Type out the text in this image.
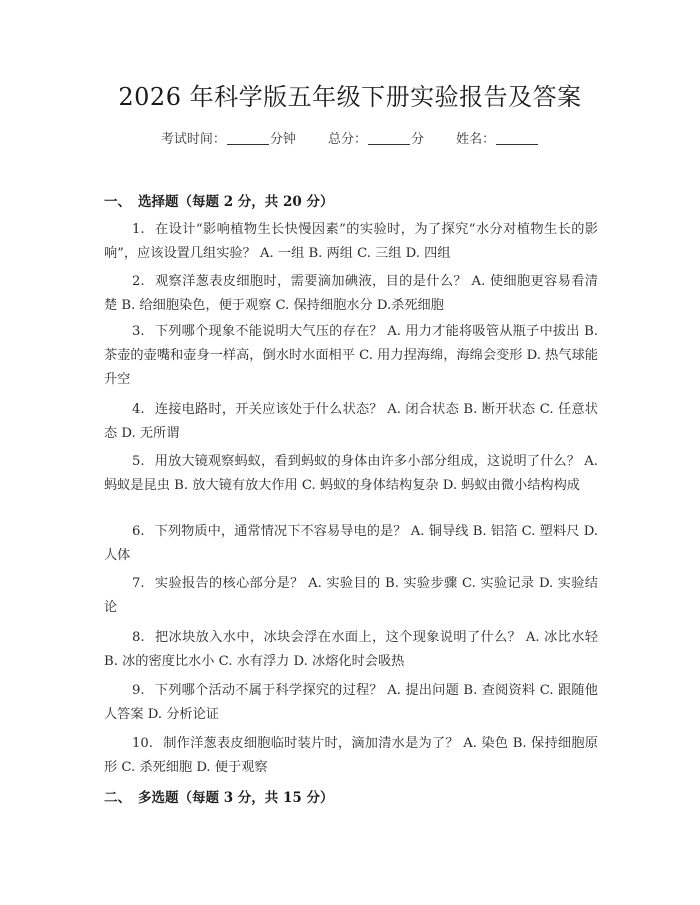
2026 年科学版五年级下册实验报告及答案
考试时间：	分钟 总分：	分 姓名：
一、 选择题（每题 2 分，共 20 分）
1. 在设计“影响植物生长快慢因素”的实验时，为了探究“水分对植物生长的影响”，应该设置几组实验？ A. 一组 B. 两组 C. 三组 D. 四组
2. 观察洋葱表皮细胞时，需要滴加碘液，目的是什么？ A. 使细胞更容易看清楚 B. 给细胞染色，便于观察 C. 保持细胞水分 D.杀死细胞
3. 下列哪个现象不能说明大气压的存在？ A. 用力才能将吸管从瓶子中拔出 B. 茶壶的壶嘴和壶身一样高，倒水时水面相平 C. 用力捏海绵，海绵会变形 D. 热气球能升空
4. 连接电路时，开关应该处于什么状态？ A. 闭合状态 B. 断开状态 C. 任意状态 D. 无所谓
5. 用放大镜观察蚂蚁，看到蚂蚁的身体由许多小部分组成，这说明了什么？ A. 蚂蚁是昆虫 B. 放大镜有放大作用 C. 蚂蚁的身体结构复杂 D. 蚂蚁由微小结构构成
6. 下列物质中，通常情况下不容易导电的是？ A. 铜导线 B. 铝箔 C. 塑料尺 D. 人体
7. 实验报告的核心部分是？ A. 实验目的 B. 实验步骤 C. 实验记录 D. 实验结论
8. 把冰块放入水中，冰块会浮在水面上，这个现象说明了什么？ A. 冰比水轻 B. 冰的密度比水小 C. 水有浮力 D. 冰熔化时会吸热
9. 下列哪个活动不属于科学探究的过程？ A. 提出问题 B. 查阅资料 C. 跟随他人答案 D. 分析论证
10. 制作洋葱表皮细胞临时装片时，滴加清水是为了？ A. 染色 B. 保持细胞原形 C. 杀死细胞 D. 便于观察
二、 多选题（每题 3 分，共 15 分）
